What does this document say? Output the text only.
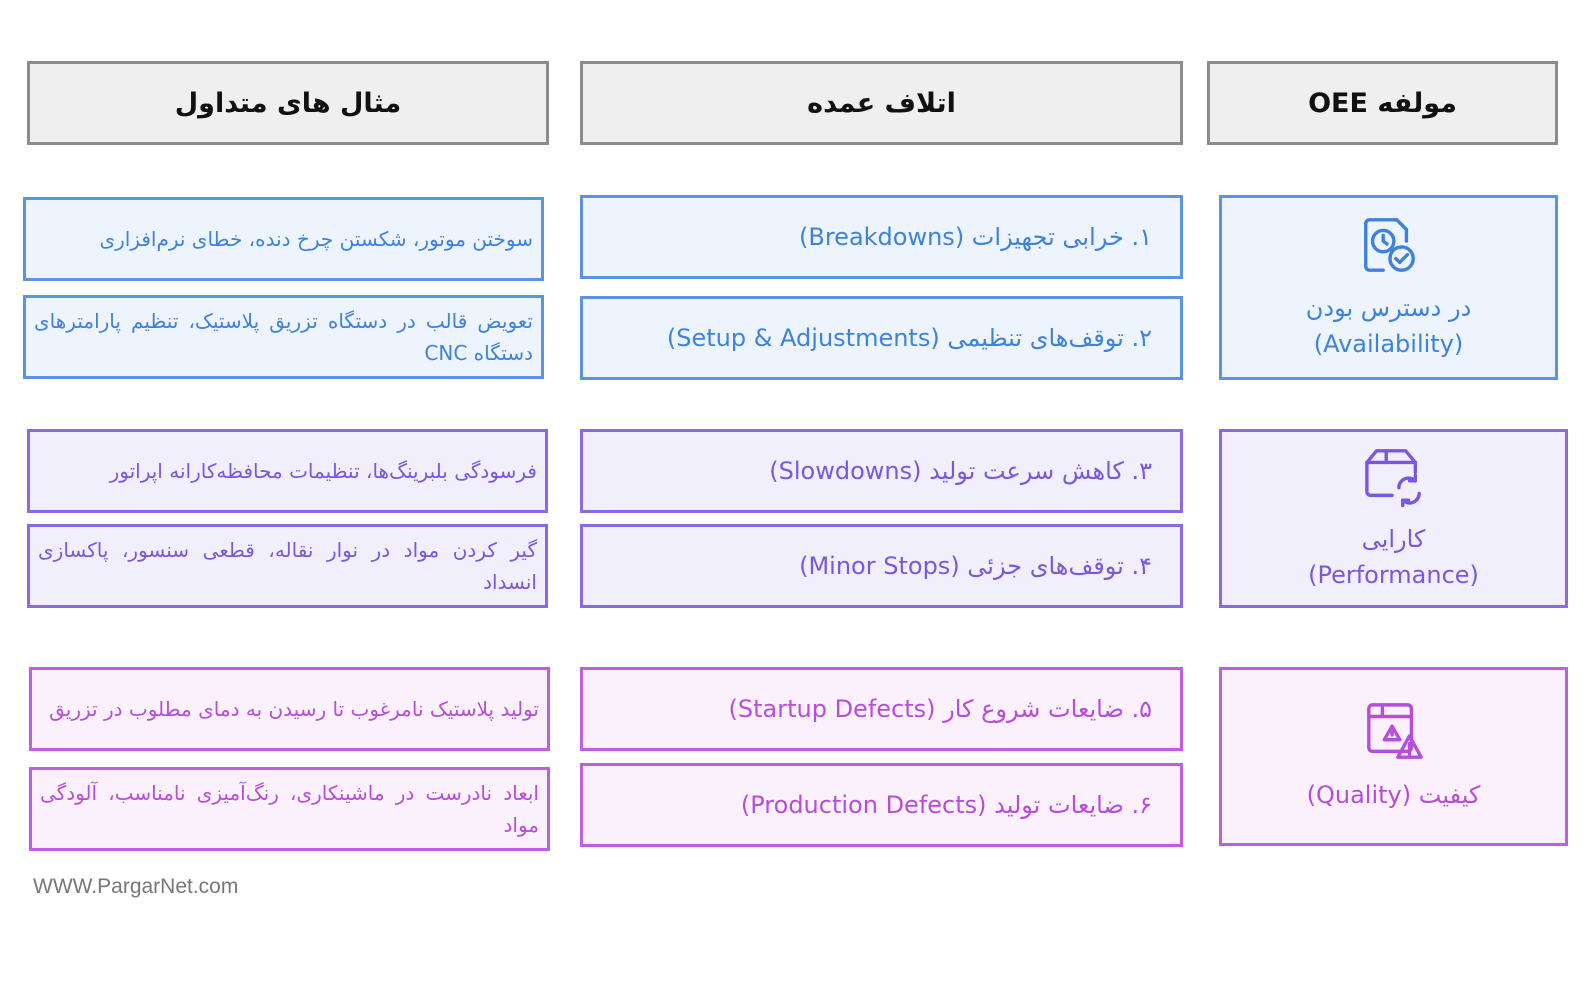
مولفه OEE
اتلاف عمده
مثال های متداول
در دسترس بودن
(Availability)
کارایی
(Performance)
کیفیت (Quality)
۱. خرابی تجهیزات (Breakdowns)
۲. توقف‌های تنظیمی (Setup & Adjustments)
۳. کاهش سرعت تولید (Slowdowns)
۴. توقف‌های جزئی (Minor Stops)
۵. ضایعات شروع کار (Startup Defects)
۶. ضایعات تولید (Production Defects)
سوختن موتور، شکستن چرخ دنده، خطای نرم‌افزاری
تعویض قالب در دستگاه تزریق پلاستیک، تنظیم پارامترهای دستگاه CNC
فرسودگی بلبرینگ‌ها، تنظیمات محافظه‌کارانه اپراتور
گیر کردن مواد در نوار نقاله، قطعی سنسور، پاکسازی انسداد
تولید پلاستیک نامرغوب تا رسیدن به دمای مطلوب در تزریق
ابعاد نادرست در ماشینکاری، رنگ‌آمیزی نامناسب، آلودگی مواد
WWW.PargarNet.com
